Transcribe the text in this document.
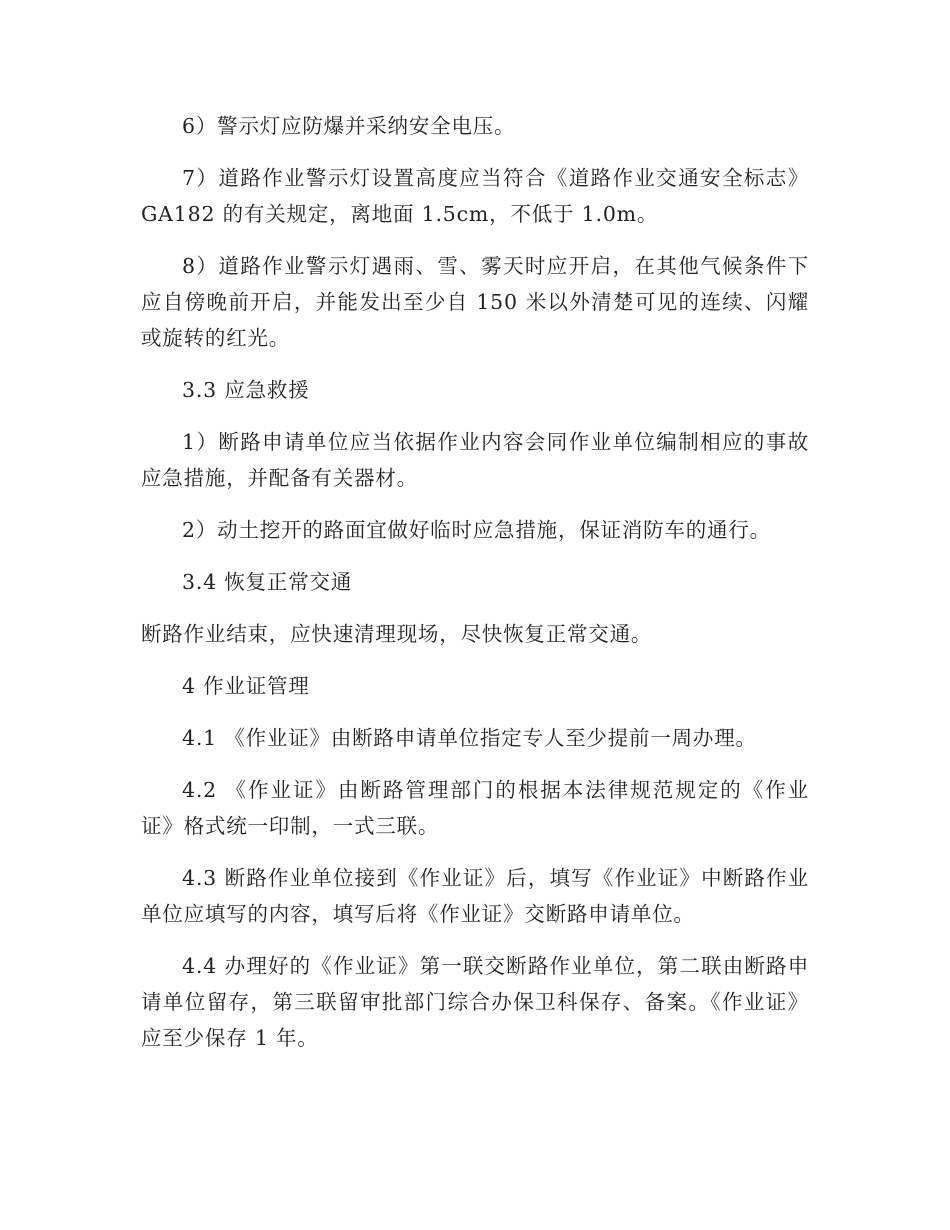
6）警示灯应防爆并采纳安全电压。

7）道路作业警示灯设置高度应当符合《道路作业交通安全标志》GA182 的有关规定，离地面 1.5cm，不低于 1.0m。

8）道路作业警示灯遇雨、雪、雾天时应开启，在其他气候条件下应自傍晚前开启，并能发出至少自 150 米以外清楚可见的连续、闪耀或旋转的红光。

3.3 应急救援

1）断路申请单位应当依据作业内容会同作业单位编制相应的事故应急措施，并配备有关器材。

2）动土挖开的路面宜做好临时应急措施，保证消防车的通行。

3.4 恢复正常交通

断路作业结束，应快速清理现场，尽快恢复正常交通。

4 作业证管理

4.1 《作业证》由断路申请单位指定专人至少提前一周办理。

4.2 《作业证》由断路管理部门的根据本法律规范规定的《作业证》格式统一印制，一式三联。

4.3 断路作业单位接到《作业证》后，填写《作业证》中断路作业单位应填写的内容，填写后将《作业证》交断路申请单位。

4.4 办理好的《作业证》第一联交断路作业单位，第二联由断路申请单位留存，第三联留审批部门综合办保卫科保存、备案。《作业证》应至少保存 1 年。
